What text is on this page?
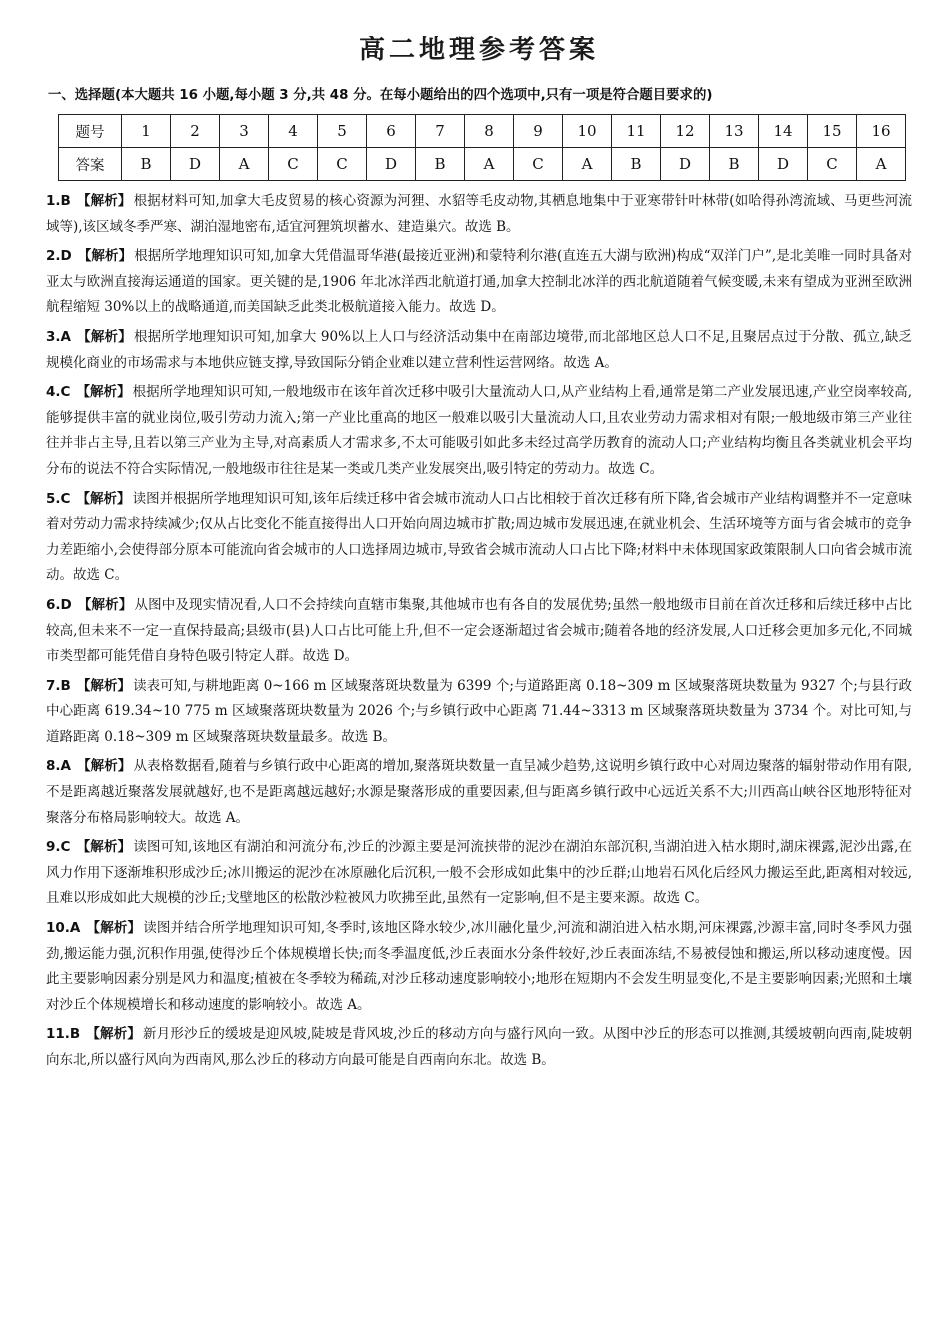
高二地理参考答案
一、选择题(本大题共 16 小题,每小题 3 分,共 48 分。在每小题给出的四个选项中,只有一项是符合题目要求的)
题号	1	2	3	4	5	6	7	8	9	10	11	12	13	14	15	16
答案	B	D	A	C	C	D	B	A	C	A	B	D	B	D	C	A
1.B 【解析】 根据材料可知,加拿大毛皮贸易的核心资源为河狸、水貂等毛皮动物,其栖息地集中于亚寒带针叶林带(如哈得孙湾流域、马更些河流域等),该区域冬季严寒、湖泊湿地密布,适宜河狸筑坝蓄水、建造巢穴。故选 B。
2.D 【解析】 根据所学地理知识可知,加拿大凭借温哥华港(最接近亚洲)和蒙特利尔港(直连五大湖与欧洲)构成“双洋门户”,是北美唯一同时具备对亚太与欧洲直接海运通道的国家。更关键的是,1906 年北冰洋西北航道打通,加拿大控制北冰洋的西北航道随着气候变暖,未来有望成为亚洲至欧洲航程缩短 30%以上的战略通道,而美国缺乏此类北极航道接入能力。故选 D。
3.A 【解析】 根据所学地理知识可知,加拿大 90%以上人口与经济活动集中在南部边境带,而北部地区总人口不足,且聚居点过于分散、孤立,缺乏规模化商业的市场需求与本地供应链支撑,导致国际分销企业难以建立营利性运营网络。故选 A。
4.C 【解析】 根据所学地理知识可知,一般地级市在该年首次迁移中吸引大量流动人口,从产业结构上看,通常是第二产业发展迅速,产业空岗率较高,能够提供丰富的就业岗位,吸引劳动力流入;第一产业比重高的地区一般难以吸引大量流动人口,且农业劳动力需求相对有限;一般地级市第三产业往往并非占主导,且若以第三产业为主导,对高素质人才需求多,不太可能吸引如此多未经过高学历教育的流动人口;产业结构均衡且各类就业机会平均分布的说法不符合实际情况,一般地级市往往是某一类或几类产业发展突出,吸引特定的劳动力。故选 C。
5.C 【解析】 读图并根据所学地理知识可知,该年后续迁移中省会城市流动人口占比相较于首次迁移有所下降,省会城市产业结构调整并不一定意味着对劳动力需求持续减少;仅从占比变化不能直接得出人口开始向周边城市扩散;周边城市发展迅速,在就业机会、生活环境等方面与省会城市的竞争力差距缩小,会使得部分原本可能流向省会城市的人口选择周边城市,导致省会城市流动人口占比下降;材料中未体现国家政策限制人口向省会城市流动。故选 C。
6.D 【解析】 从图中及现实情况看,人口不会持续向直辖市集聚,其他城市也有各自的发展优势;虽然一般地级市目前在首次迁移和后续迁移中占比较高,但未来不一定一直保持最高;县级市(县)人口占比可能上升,但不一定会逐渐超过省会城市;随着各地的经济发展,人口迁移会更加多元化,不同城市类型都可能凭借自身特色吸引特定人群。故选 D。
7.B 【解析】 读表可知,与耕地距离 0~166 m 区域聚落斑块数量为 6399 个;与道路距离 0.18~309 m 区域聚落斑块数量为 9327 个;与县行政中心距离 619.34~10 775 m 区域聚落斑块数量为 2026 个;与乡镇行政中心距离 71.44~3313 m 区域聚落斑块数量为 3734 个。对比可知,与道路距离 0.18~309 m 区域聚落斑块数量最多。故选 B。
8.A 【解析】 从表格数据看,随着与乡镇行政中心距离的增加,聚落斑块数量一直呈减少趋势,这说明乡镇行政中心对周边聚落的辐射带动作用有限,不是距离越近聚落发展就越好,也不是距离越远越好;水源是聚落形成的重要因素,但与距离乡镇行政中心远近关系不大;川西高山峡谷区地形特征对聚落分布格局影响较大。故选 A。
9.C 【解析】 读图可知,该地区有湖泊和河流分布,沙丘的沙源主要是河流挟带的泥沙在湖泊东部沉积,当湖泊进入枯水期时,湖床裸露,泥沙出露,在风力作用下逐渐堆积形成沙丘;冰川搬运的泥沙在冰原融化后沉积,一般不会形成如此集中的沙丘群;山地岩石风化后经风力搬运至此,距离相对较远,且难以形成如此大规模的沙丘;戈壁地区的松散沙粒被风力吹拂至此,虽然有一定影响,但不是主要来源。故选 C。
10.A 【解析】 读图并结合所学地理知识可知,冬季时,该地区降水较少,冰川融化量少,河流和湖泊进入枯水期,河床裸露,沙源丰富,同时冬季风力强劲,搬运能力强,沉积作用强,使得沙丘个体规模增长快;而冬季温度低,沙丘表面水分条件较好,沙丘表面冻结,不易被侵蚀和搬运,所以移动速度慢。因此主要影响因素分别是风力和温度;植被在冬季较为稀疏,对沙丘移动速度影响较小;地形在短期内不会发生明显变化,不是主要影响因素;光照和土壤对沙丘个体规模增长和移动速度的影响较小。故选 A。
11.B 【解析】 新月形沙丘的缓坡是迎风坡,陡坡是背风坡,沙丘的移动方向与盛行风向一致。从图中沙丘的形态可以推测,其缓坡朝向西南,陡坡朝向东北,所以盛行风向为西南风,那么沙丘的移动方向最可能是自西南向东北。故选 B。
